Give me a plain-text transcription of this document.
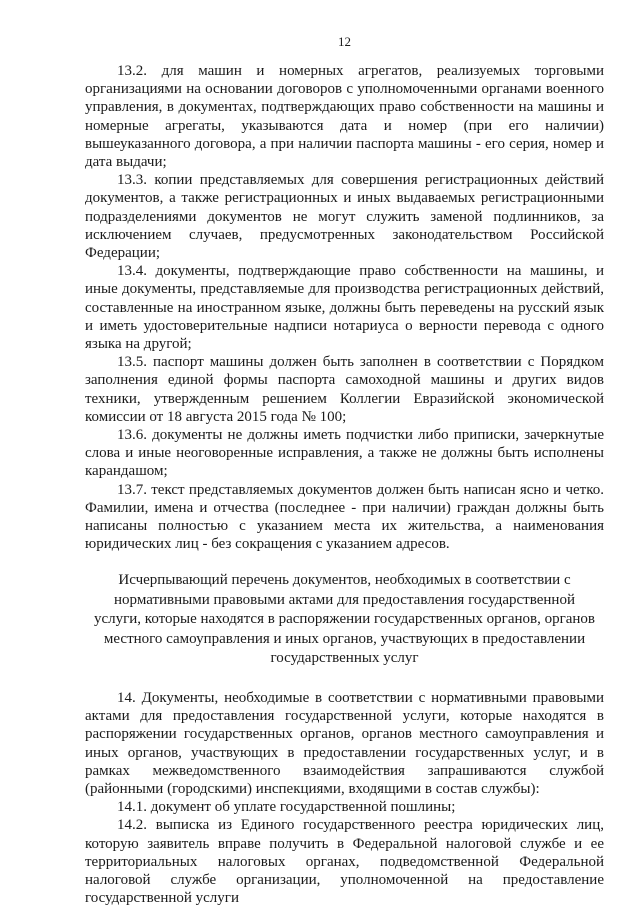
12

13.2. для машин и номерных агрегатов, реализуемых торговыми организациями на основании договоров с уполномоченными органами военного управления, в документах, подтверждающих право собственности на машины и номерные агрегаты, указываются дата и номер (при его наличии) вышеуказанного договора, а при наличии паспорта машины - его серия, номер и дата выдачи;

13.3. копии представляемых для совершения регистрационных действий документов, а также регистрационных и иных выдаваемых регистрационными подразделениями документов не могут служить заменой подлинников, за исключением случаев, предусмотренных законодательством Российской Федерации;

13.4. документы, подтверждающие право собственности на машины, и иные документы, представляемые для производства регистрационных действий, составленные на иностранном языке, должны быть переведены на русский язык и иметь удостоверительные надписи нотариуса о верности перевода с одного языка на другой;

13.5. паспорт машины должен быть заполнен в соответствии с Порядком заполнения единой формы паспорта самоходной машины и других видов техники, утвержденным решением Коллегии Евразийской экономической комиссии от 18 августа 2015 года № 100;

13.6. документы не должны иметь подчистки либо приписки, зачеркнутые слова и иные неоговоренные исправления, а также не должны быть исполнены карандашом;

13.7. текст представляемых документов должен быть написан ясно и четко. Фамилии, имена и отчества (последнее - при наличии) граждан должны быть написаны полностью с указанием места их жительства, а наименования юридических лиц - без сокращения с указанием адресов.

Исчерпывающий перечень документов, необходимых в соответствии с нормативными правовыми актами для предоставления государственной услуги, которые находятся в распоряжении государственных органов, органов местного самоуправления и иных органов, участвующих в предоставлении государственных услуг

14. Документы, необходимые в соответствии с нормативными правовыми актами для предоставления государственной услуги, которые находятся в распоряжении государственных органов, органов местного самоуправления и иных органов, участвующих в предоставлении государственных услуг, и в рамках межведомственного взаимодействия запрашиваются службой (районными (городскими) инспекциями, входящими в состав службы):

14.1. документ об уплате государственной пошлины;

14.2. выписка из Единого государственного реестра юридических лиц, которую заявитель вправе получить в Федеральной налоговой службе и ее территориальных налоговых органах, подведомственной Федеральной налоговой службе организации, уполномоченной на предоставление государственной услуги
